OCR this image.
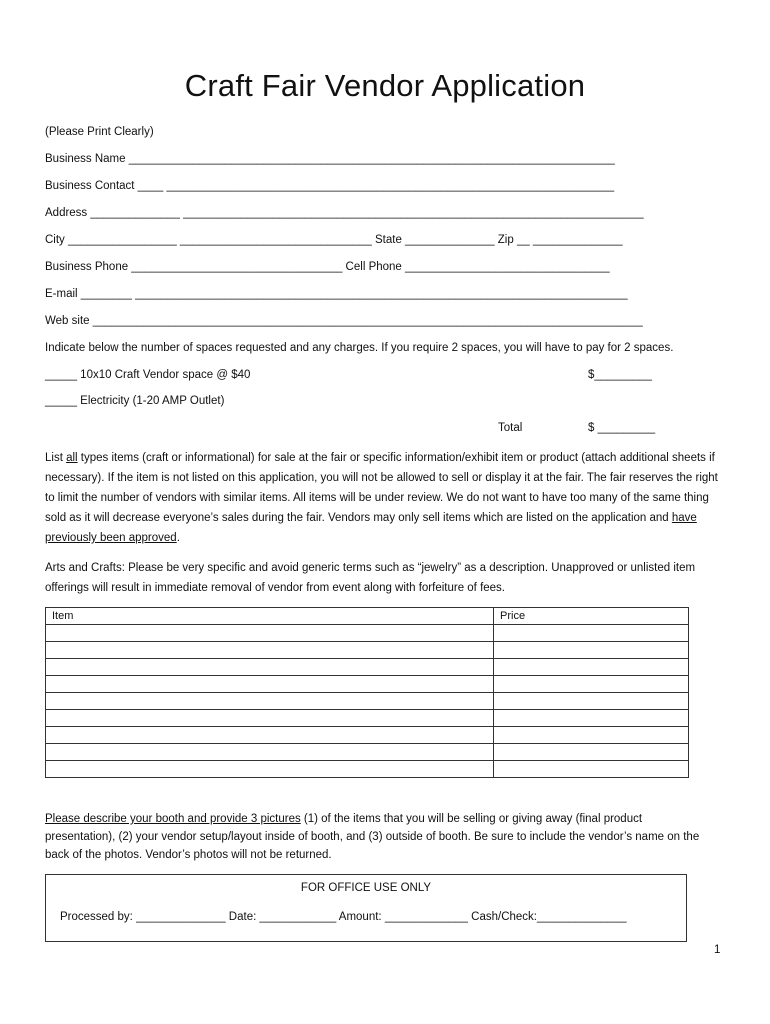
Craft Fair Vendor Application
(Please Print Clearly)
Business Name ____________________________________________________________________________
Business Contact ____ ______________________________________________________________________
Address ______________ ________________________________________________________________________
City _________________ ______________________________ State ______________ Zip __ ______________
Business Phone _________________________________ Cell Phone ________________________________
E-mail ________ _____________________________________________________________________________
Web site ______________________________________________________________________________________
Indicate below the number of spaces requested and any charges. If you require 2 spaces, you will have to pay for 2 spaces.
_____ 10x10 Craft Vendor space @ $40	$_________
_____ Electricity (1-20 AMP Outlet)
Total	$ _________
List all types items (craft or informational) for sale at the fair or specific information/exhibit item or product (attach additional sheets if necessary). If the item is not listed on this application, you will not be allowed to sell or display it at the fair. The fair reserves the right to limit the number of vendors with similar items. All items will be under review. We do not want to have too many of the same thing sold as it will decrease everyone’s sales during the fair. Vendors may only sell items which are listed on the application and have previously been approved.
Arts and Crafts: Please be very specific and avoid generic terms such as “jewelry” as a description. Unapproved or unlisted item offerings will result in immediate removal of vendor from event along with forfeiture of fees.
Item	Price

Please describe your booth and provide 3 pictures (1) of the items that you will be selling or giving away (final product presentation), (2) your vendor setup/layout inside of booth, and (3) outside of booth. Be sure to include the vendor’s name on the back of the photos. Vendor’s photos will not be returned.
FOR OFFICE USE ONLY
Processed by: ______________ Date: ____________ Amount: _____________ Cash/Check:______________
1
